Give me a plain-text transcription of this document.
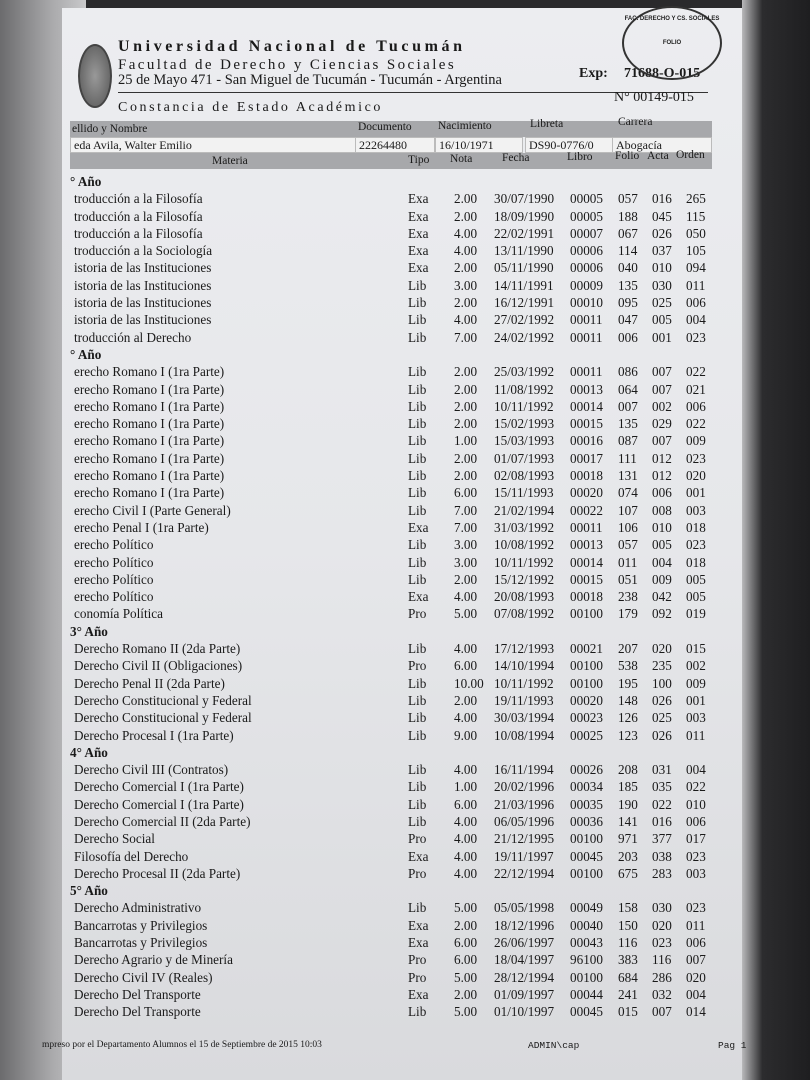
Universidad Nacional de Tucumán
Facultad de Derecho y Ciencias Sociales
25 de Mayo 471 - San Miguel de Tucumán - Tucumán - Argentina	Exp: 71688-O-015
N° 00149-015
Constancia de Estado Académico
FAC. DERECHO Y CS. SOCIALES
FOLIO
ellido y Nombre	Documento Nacimiento	Libreta	Carrera
eda Avila, Walter Emilio	22264480	16/10/1971	DS90-0776/0	Abogacía
Materia	Tipo Nota	Fecha	Libro Folio Acta Orden
° Año
troducción a la Filosofía	Exa 2.00 30/07/1990 00005 057 016 265
troducción a la Filosofía	Exa 2.00 18/09/1990 00005 188 045 115
troducción a la Filosofía	Exa 4.00 22/02/1991 00007 067 026 050
troducción a la Sociología	Exa 4.00 13/11/1990 00006 114 037 105
istoria de las Instituciones	Exa 2.00 05/11/1990 00006 040 010 094
istoria de las Instituciones	Lib 3.00 14/11/1991 00009 135 030 011
istoria de las Instituciones	Lib 2.00 16/12/1991 00010 095 025 006
istoria de las Instituciones	Lib 4.00 27/02/1992 00011 047 005 004
troducción al Derecho	Lib 7.00 24/02/1992 00011 006 001 023
° Año
erecho Romano I (1ra Parte)	Lib 2.00 25/03/1992 00011 086 007 022
erecho Romano I (1ra Parte)	Lib 2.00 11/08/1992 00013 064 007 021
erecho Romano I (1ra Parte)	Lib 2.00 10/11/1992 00014 007 002 006
erecho Romano I (1ra Parte)	Lib 2.00 15/02/1993 00015 135 029 022
erecho Romano I (1ra Parte)	Lib 1.00 15/03/1993 00016 087 007 009
erecho Romano I (1ra Parte)	Lib 2.00 01/07/1993 00017 111 012 023
erecho Romano I (1ra Parte)	Lib 2.00 02/08/1993 00018 131 012 020
erecho Romano I (1ra Parte)	Lib 6.00 15/11/1993 00020 074 006 001
erecho Civil I (Parte General)	Lib 7.00 21/02/1994 00022 107 008 003
erecho Penal I (1ra Parte)	Exa 7.00 31/03/1992 00011 106 010 018
erecho Político	Lib 3.00 10/08/1992 00013 057 005 023
erecho Político	Lib 3.00 10/11/1992 00014 011 004 018
erecho Político	Lib 2.00 15/12/1992 00015 051 009 005
erecho Político	Exa 4.00 20/08/1993 00018 238 042 005
conomía Política	Pro 5.00 07/08/1992 00100 179 092 019
3° Año
Derecho Romano II (2da Parte)	Lib 4.00 17/12/1993 00021 207 020 015
Derecho Civil II (Obligaciones)	Pro 6.00 14/10/1994 00100 538 235 002
Derecho Penal II (2da Parte)	Lib 10.00 10/11/1992 00100 195 100 009
Derecho Constitucional y Federal	Lib 2.00 19/11/1993 00020 148 026 001
Derecho Constitucional y Federal	Lib 4.00 30/03/1994 00023 126 025 003
Derecho Procesal I (1ra Parte)	Lib 9.00 10/08/1994 00025 123 026 011
4° Año
Derecho Civil III (Contratos)	Lib 4.00 16/11/1994 00026 208 031 004
Derecho Comercial I (1ra Parte)	Lib 1.00 20/02/1996 00034 185 035 022
Derecho Comercial I (1ra Parte)	Lib 6.00 21/03/1996 00035 190 022 010
Derecho Comercial II (2da Parte)	Lib 4.00 06/05/1996 00036 141 016 006
Derecho Social	Pro 4.00 21/12/1995 00100 971 377 017
Filosofía del Derecho	Exa 4.00 19/11/1997 00045 203 038 023
Derecho Procesal II (2da Parte)	Pro 4.00 22/12/1994 00100 675 283 003
5° Año
Derecho Administrativo	Lib 5.00 05/05/1998 00049 158 030 023
Bancarrotas y Privilegios	Exa 2.00 18/12/1996 00040 150 020 011
Bancarrotas y Privilegios	Exa 6.00 26/06/1997 00043 116 023 006
Derecho Agrario y de Minería	Pro 6.00 18/04/1997 96100 383 116 007
Derecho Civil IV (Reales)	Pro 5.00 28/12/1994 00100 684 286 020
Derecho Del Transporte	Exa 2.00 01/09/1997 00044 241 032 004
Derecho Del Transporte	Lib 5.00 01/10/1997 00045 015 007 014
mpreso por el Departamento Alumnos el 15 de Septiembre de 2015 10:03	ADMIN\cap	Pag 1
